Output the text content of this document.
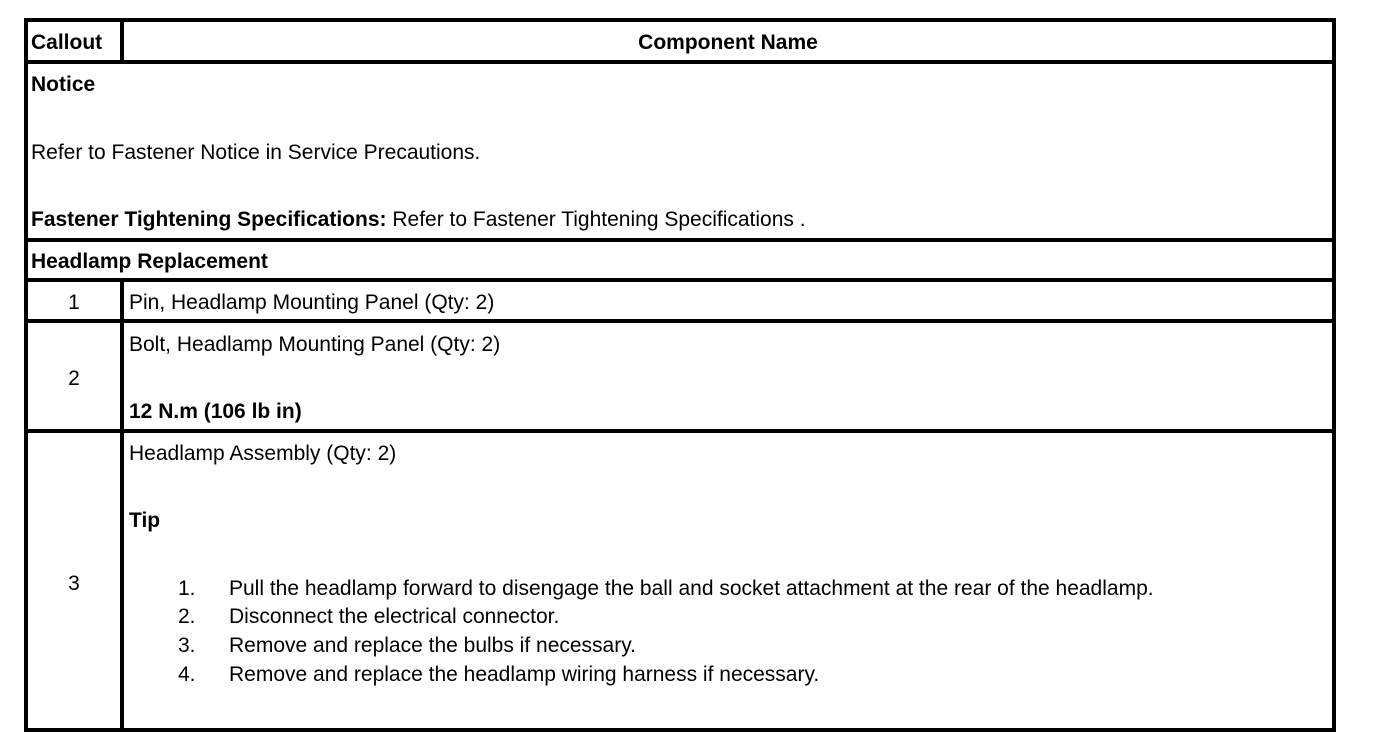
Callout	Component Name
Notice
Refer to Fastener Notice in Service Precautions.
Fastener Tightening Specifications: Refer to Fastener Tightening Specifications .
Headlamp Replacement
1	Pin, Headlamp Mounting Panel (Qty: 2)
2
Bolt, Headlamp Mounting Panel (Qty: 2)
12 N.m (106 lb in)
3
Headlamp Assembly (Qty: 2)
Tip
1. Pull the headlamp forward to disengage the ball and socket attachment at the rear of the headlamp.
2. Disconnect the electrical connector.
3. Remove and replace the bulbs if necessary.
4. Remove and replace the headlamp wiring harness if necessary.
